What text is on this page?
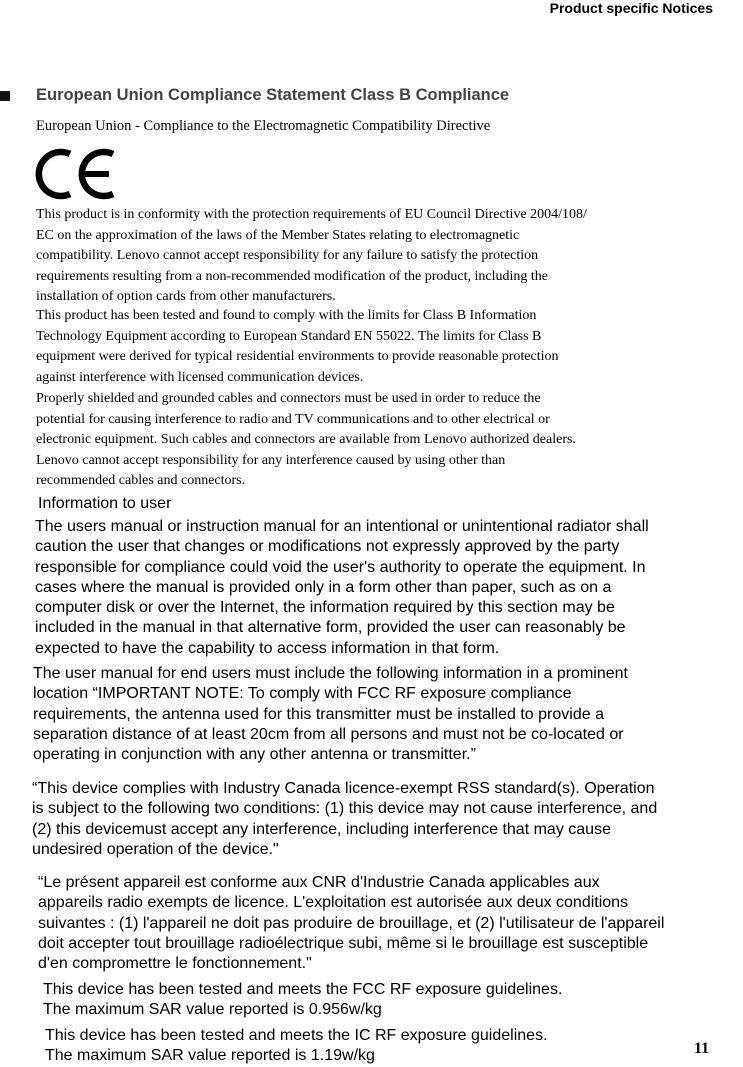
Product specific Notices
European Union Compliance Statement Class B Compliance
European Union - Compliance to the Electromagnetic Compatibility Directive
This product is in conformity with the protection requirements of EU Council Directive 2004/108/
EC on the approximation of the laws of the Member States relating to electromagnetic
compatibility. Lenovo cannot accept responsibility for any failure to satisfy the protection
requirements resulting from a non-recommended modification of the product, including the
installation of option cards from other manufacturers.
This product has been tested and found to comply with the limits for Class B Information
Technology Equipment according to European Standard EN 55022. The limits for Class B
equipment were derived for typical residential environments to provide reasonable protection
against interference with licensed communication devices.
Properly shielded and grounded cables and connectors must be used in order to reduce the
potential for causing interference to radio and TV communications and to other electrical or
electronic equipment. Such cables and connectors are available from Lenovo authorized dealers.
Lenovo cannot accept responsibility for any interference caused by using other than
recommended cables and connectors.
Information to user
The users manual or instruction manual for an intentional or unintentional radiator shall
caution the user that changes or modifications not expressly approved by the party
responsible for compliance could void the user's authority to operate the equipment. In
cases where the manual is provided only in a form other than paper, such as on a
computer disk or over the Internet, the information required by this section may be
included in the manual in that alternative form, provided the user can reasonably be
expected to have the capability to access information in that form.
The user manual for end users must include the following information in a prominent
location “IMPORTANT NOTE: To comply with FCC RF exposure compliance
requirements, the antenna used for this transmitter must be installed to provide a
separation distance of at least 20cm from all persons and must not be co-located or
operating in conjunction with any other antenna or transmitter.”
“This device complies with Industry Canada licence-exempt RSS standard(s). Operation
is subject to the following two conditions: (1) this device may not cause interference, and
(2) this devicemust accept any interference, including interference that may cause
undesired operation of the device."
“Le présent appareil est conforme aux CNR d'Industrie Canada applicables aux
appareils radio exempts de licence. L'exploitation est autorisée aux deux conditions
suivantes : (1) l'appareil ne doit pas produire de brouillage, et (2) l'utilisateur de l'appareil
doit accepter tout brouillage radioélectrique subi, même si le brouillage est susceptible
d'en compromettre le fonctionnement."
This device has been tested and meets the FCC RF exposure guidelines.
The maximum SAR value reported is 0.956w/kg
This device has been tested and meets the IC RF exposure guidelines.
The maximum SAR value reported is 1.19w/kg	11
